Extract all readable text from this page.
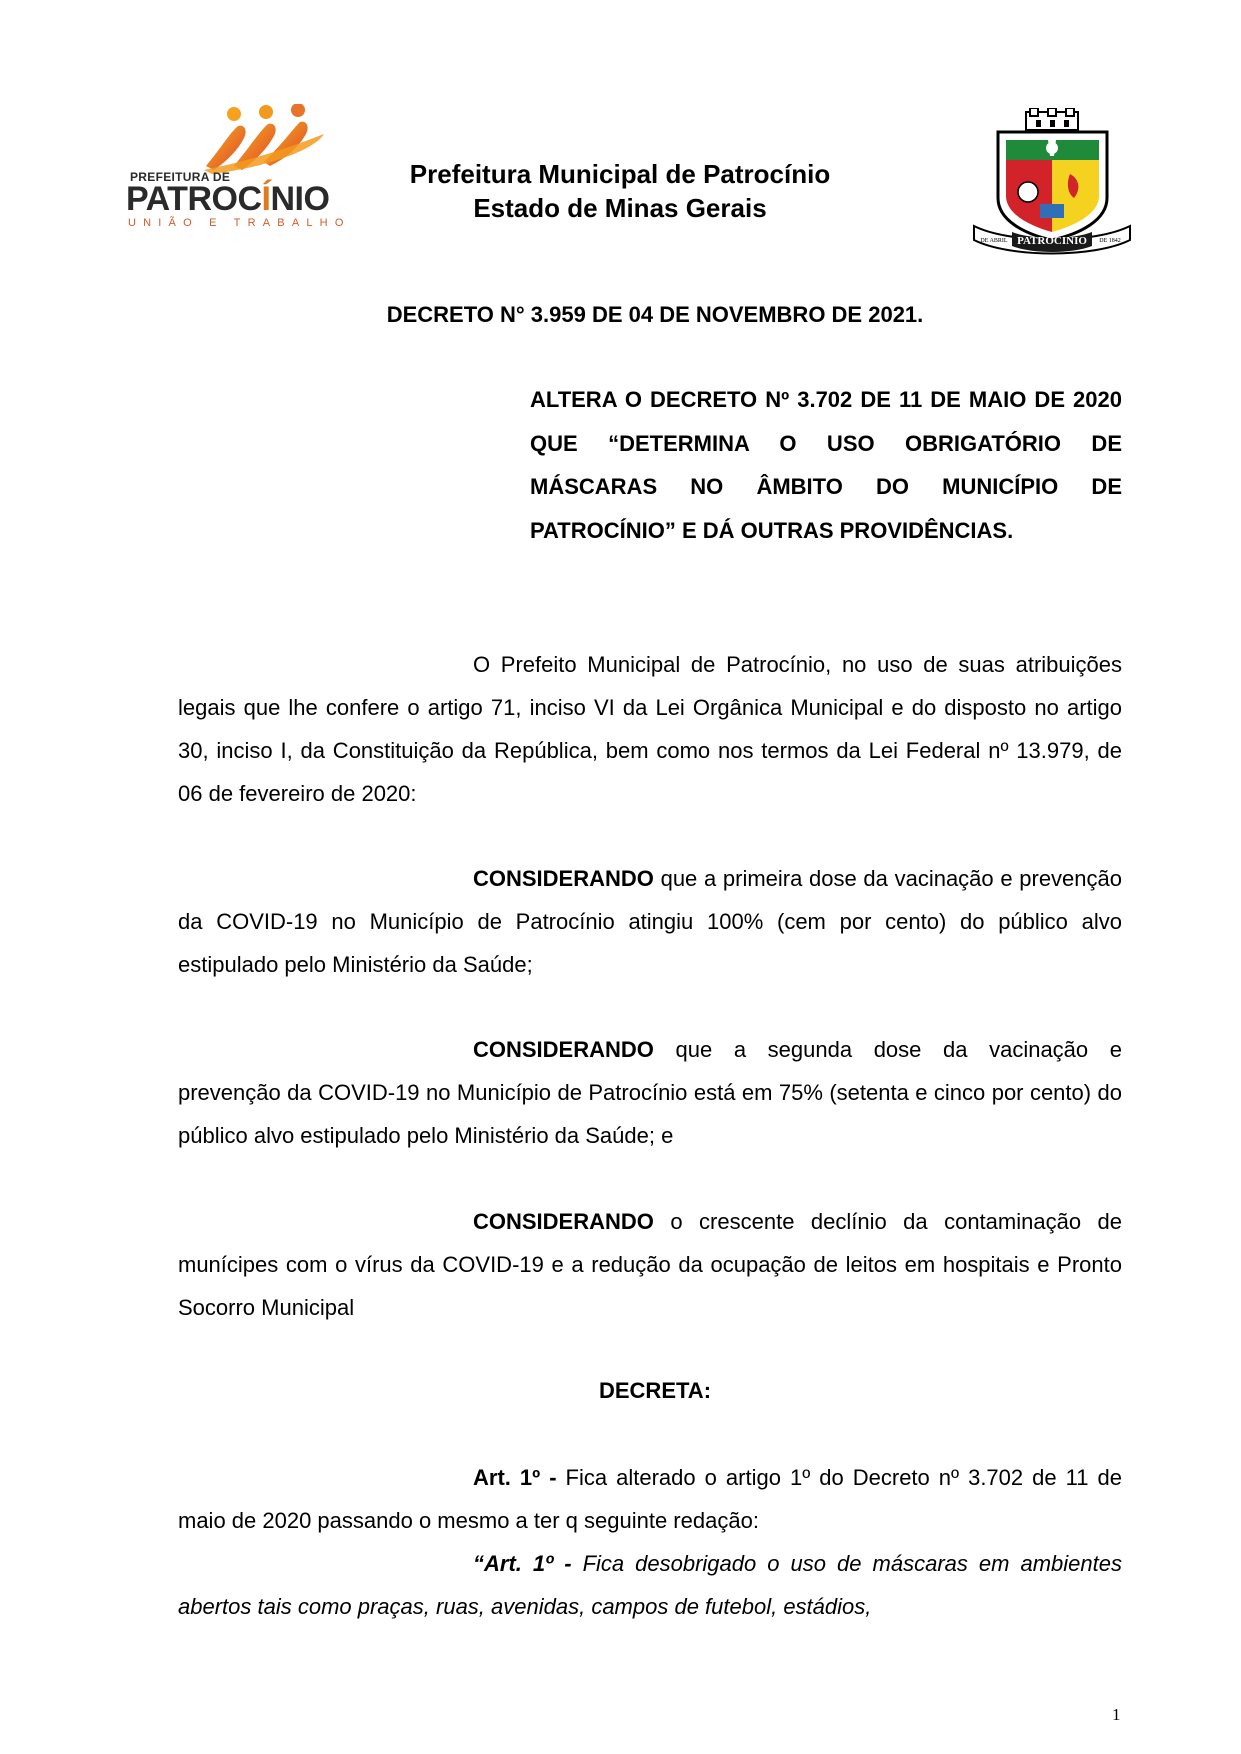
PREFEITURA DE
PATROCÍNIO
UNIÃO E TRABALHO
Prefeitura Municipal de Patrocínio
Estado de Minas Gerais
PATROCINIO
DE ABRIL	DE 1842
DECRETO N° 3.959 DE 04 DE NOVEMBRO DE 2021.
ALTERA O DECRETO Nº 3.702 DE 11 DE MAIO DE 2020 QUE “DETERMINA O USO OBRIGATÓRIO DE MÁSCARAS NO ÂMBITO DO MUNICÍPIO DE PATROCÍNIO” E DÁ OUTRAS PROVIDÊNCIAS.
O Prefeito Municipal de Patrocínio, no uso de suas atribuições legais que lhe confere o artigo 71, inciso VI da Lei Orgânica Municipal e do disposto no artigo 30, inciso I, da Constituição da República, bem como nos termos da Lei Federal nº 13.979, de 06 de fevereiro de 2020:
CONSIDERANDO que a primeira dose da vacinação e prevenção da COVID-19 no Município de Patrocínio atingiu 100% (cem por cento) do público alvo estipulado pelo Ministério da Saúde;
CONSIDERANDO que a segunda dose da vacinação e prevenção da COVID-19 no Município de Patrocínio está em 75% (setenta e cinco por cento) do público alvo estipulado pelo Ministério da Saúde; e
CONSIDERANDO o crescente declínio da contaminação de munícipes com o vírus da COVID-19 e a redução da ocupação de leitos em hospitais e Pronto Socorro Municipal
DECRETA:
Art. 1º - Fica alterado o artigo 1º do Decreto nº 3.702 de 11 de maio de 2020 passando o mesmo a ter q seguinte redação:
“Art. 1º - Fica desobrigado o uso de máscaras em ambientes abertos tais como praças, ruas, avenidas, campos de futebol, estádios,
1
